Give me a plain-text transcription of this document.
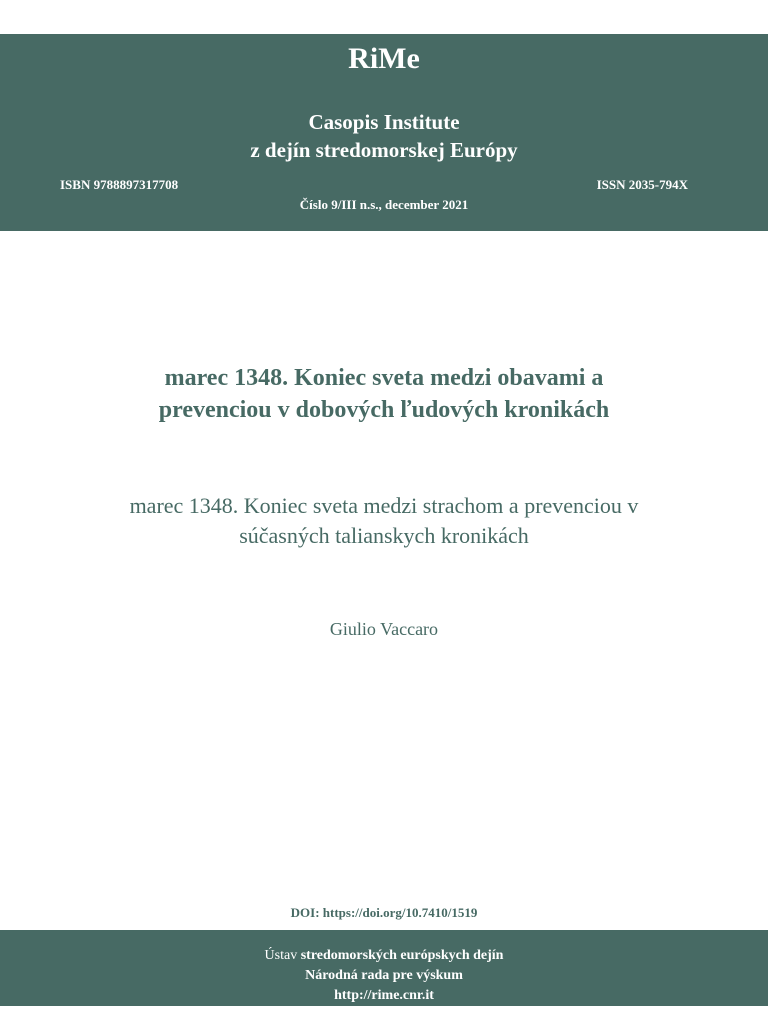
RiMe
Casopis Institute
z dejín stredomorskej Európy
ISBN 9788897317708	ISSN 2035-794X
Číslo 9/III n.s., december 2021
marec 1348. Koniec sveta medzi obavami a
prevenciou v dobových ľudových kronikách
marec 1348. Koniec sveta medzi strachom a prevenciou v
súčasných talianskych kronikách
Giulio Vaccaro
DOI: https://doi.org/10.7410/1519
Ústav stredomorských európskych dejín
Národná rada pre výskum
http://rime.cnr.it
